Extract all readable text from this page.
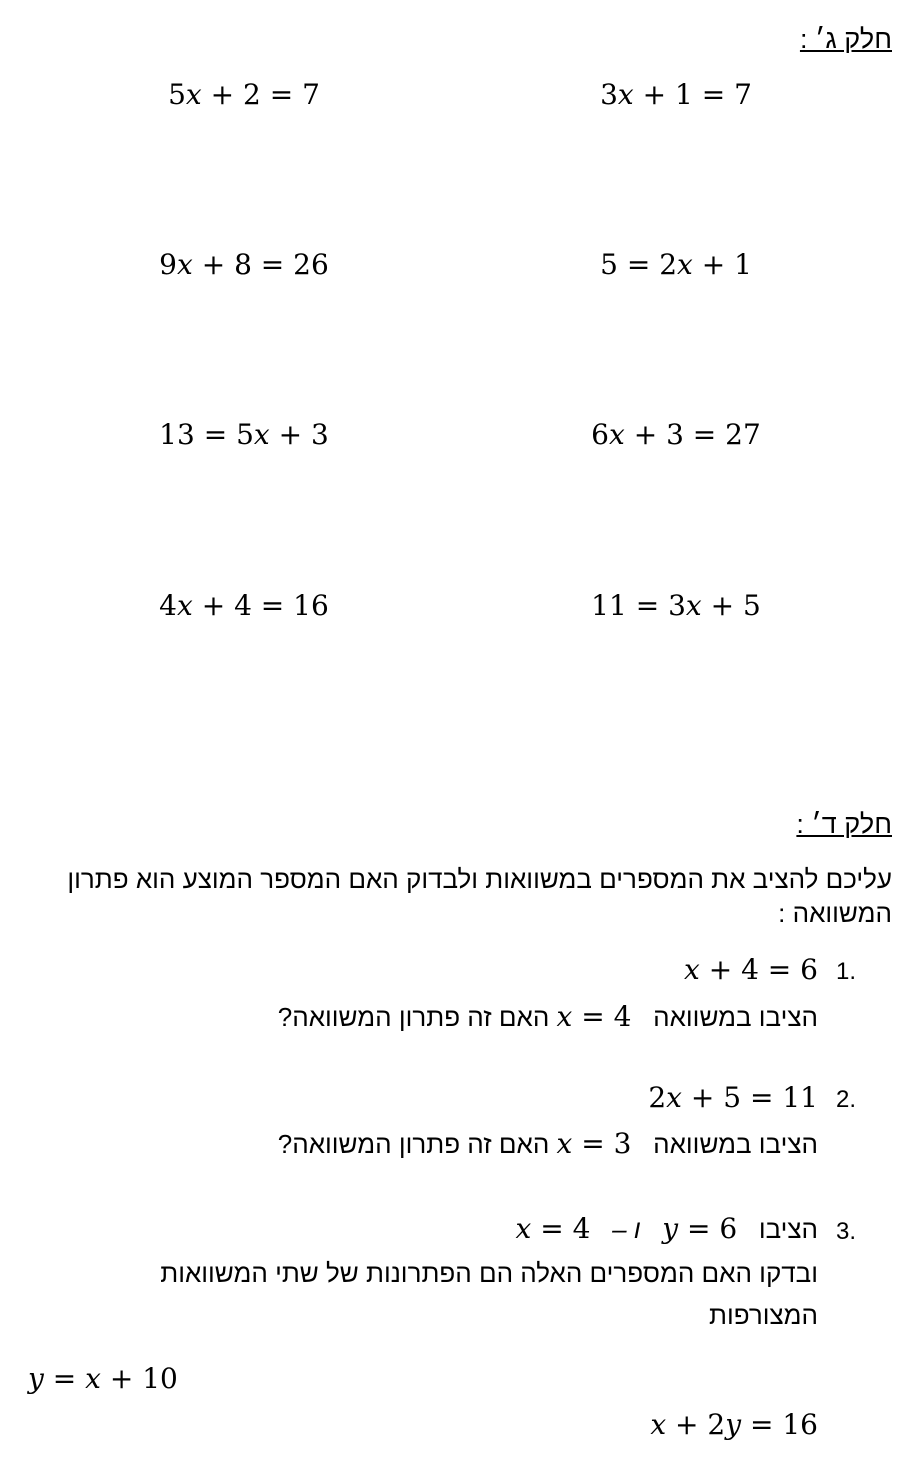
חלק ג׳ :
5x + 2 = 7	3x + 1 = 7
9x + 8 = 26	5 = 2x + 1
13 = 5x + 3	6x + 3 = 27
4x + 4 = 16	11 = 3x + 5
חלק ד׳ :
עליכם להציב את המספרים במשוואות ולבדוק האם המספר המוצע הוא פתרון המשוואה :
1.
x + 4 = 6
הציבו במשוואה   x = 4 האם זה פתרון המשוואה?
2.
2x + 5 = 11
הציבו במשוואה   x = 3 האם זה פתרון המשוואה?
3.
הציבו   y = 6   ו –   x = 4
ובדקו האם המספרים האלה הם הפתרונות של שתי המשוואות
המצורפות
y = x + 10
x + 2y = 16
